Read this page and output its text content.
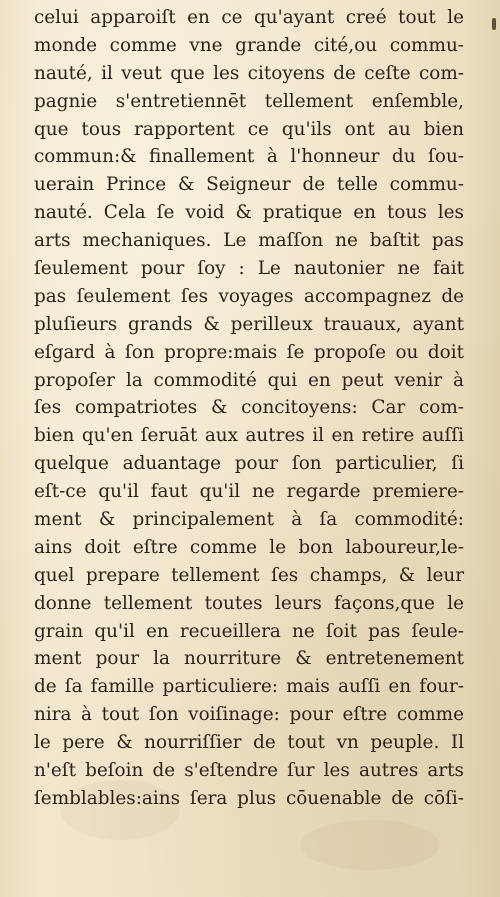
celui apparoiſt en ce qu'ayant creé tout le
monde comme vne grande cité,ou commu-
nauté, il veut que les citoyens de ceſte com-
pagnie s'entretiennēt tellement enſemble,
que tous rapportent ce qu'ils ont au bien
commun:& finallement à l'honneur du ſou-
uerain Prince & Seigneur de telle commu-
nauté. Cela ſe void & pratique en tous les
arts mechaniques. Le maſſon ne baſtit pas
ſeulement pour ſoy : Le nautonier ne fait
pas ſeulement ſes voyages accompagnez de
pluſieurs grands & perilleux trauaux, ayant
eſgard à ſon propre:mais ſe propoſe ou doit
propoſer la commodité qui en peut venir à
ſes compatriotes & concitoyens: Car com-
bien qu'en ſeruāt aux autres il en retire auſſi
quelque aduantage pour ſon particulier, ſi
eſt-ce qu'il faut qu'il ne regarde premiere-
ment & principalement à ſa commodité:
ains doit eſtre comme le bon laboureur,le-
quel prepare tellement ſes champs, & leur
donne tellement toutes leurs façons,que le
grain qu'il en recueillera ne ſoit pas ſeule-
ment pour la nourriture & entretenement
de ſa famille particuliere: mais auſſi en four-
nira à tout ſon voiſinage: pour eſtre comme
le pere & nourriſſier de tout vn peuple. Il
n'eſt beſoin de s'eſtendre ſur les autres arts
ſemblables:ains ſera plus cōuenable de cōſi-
